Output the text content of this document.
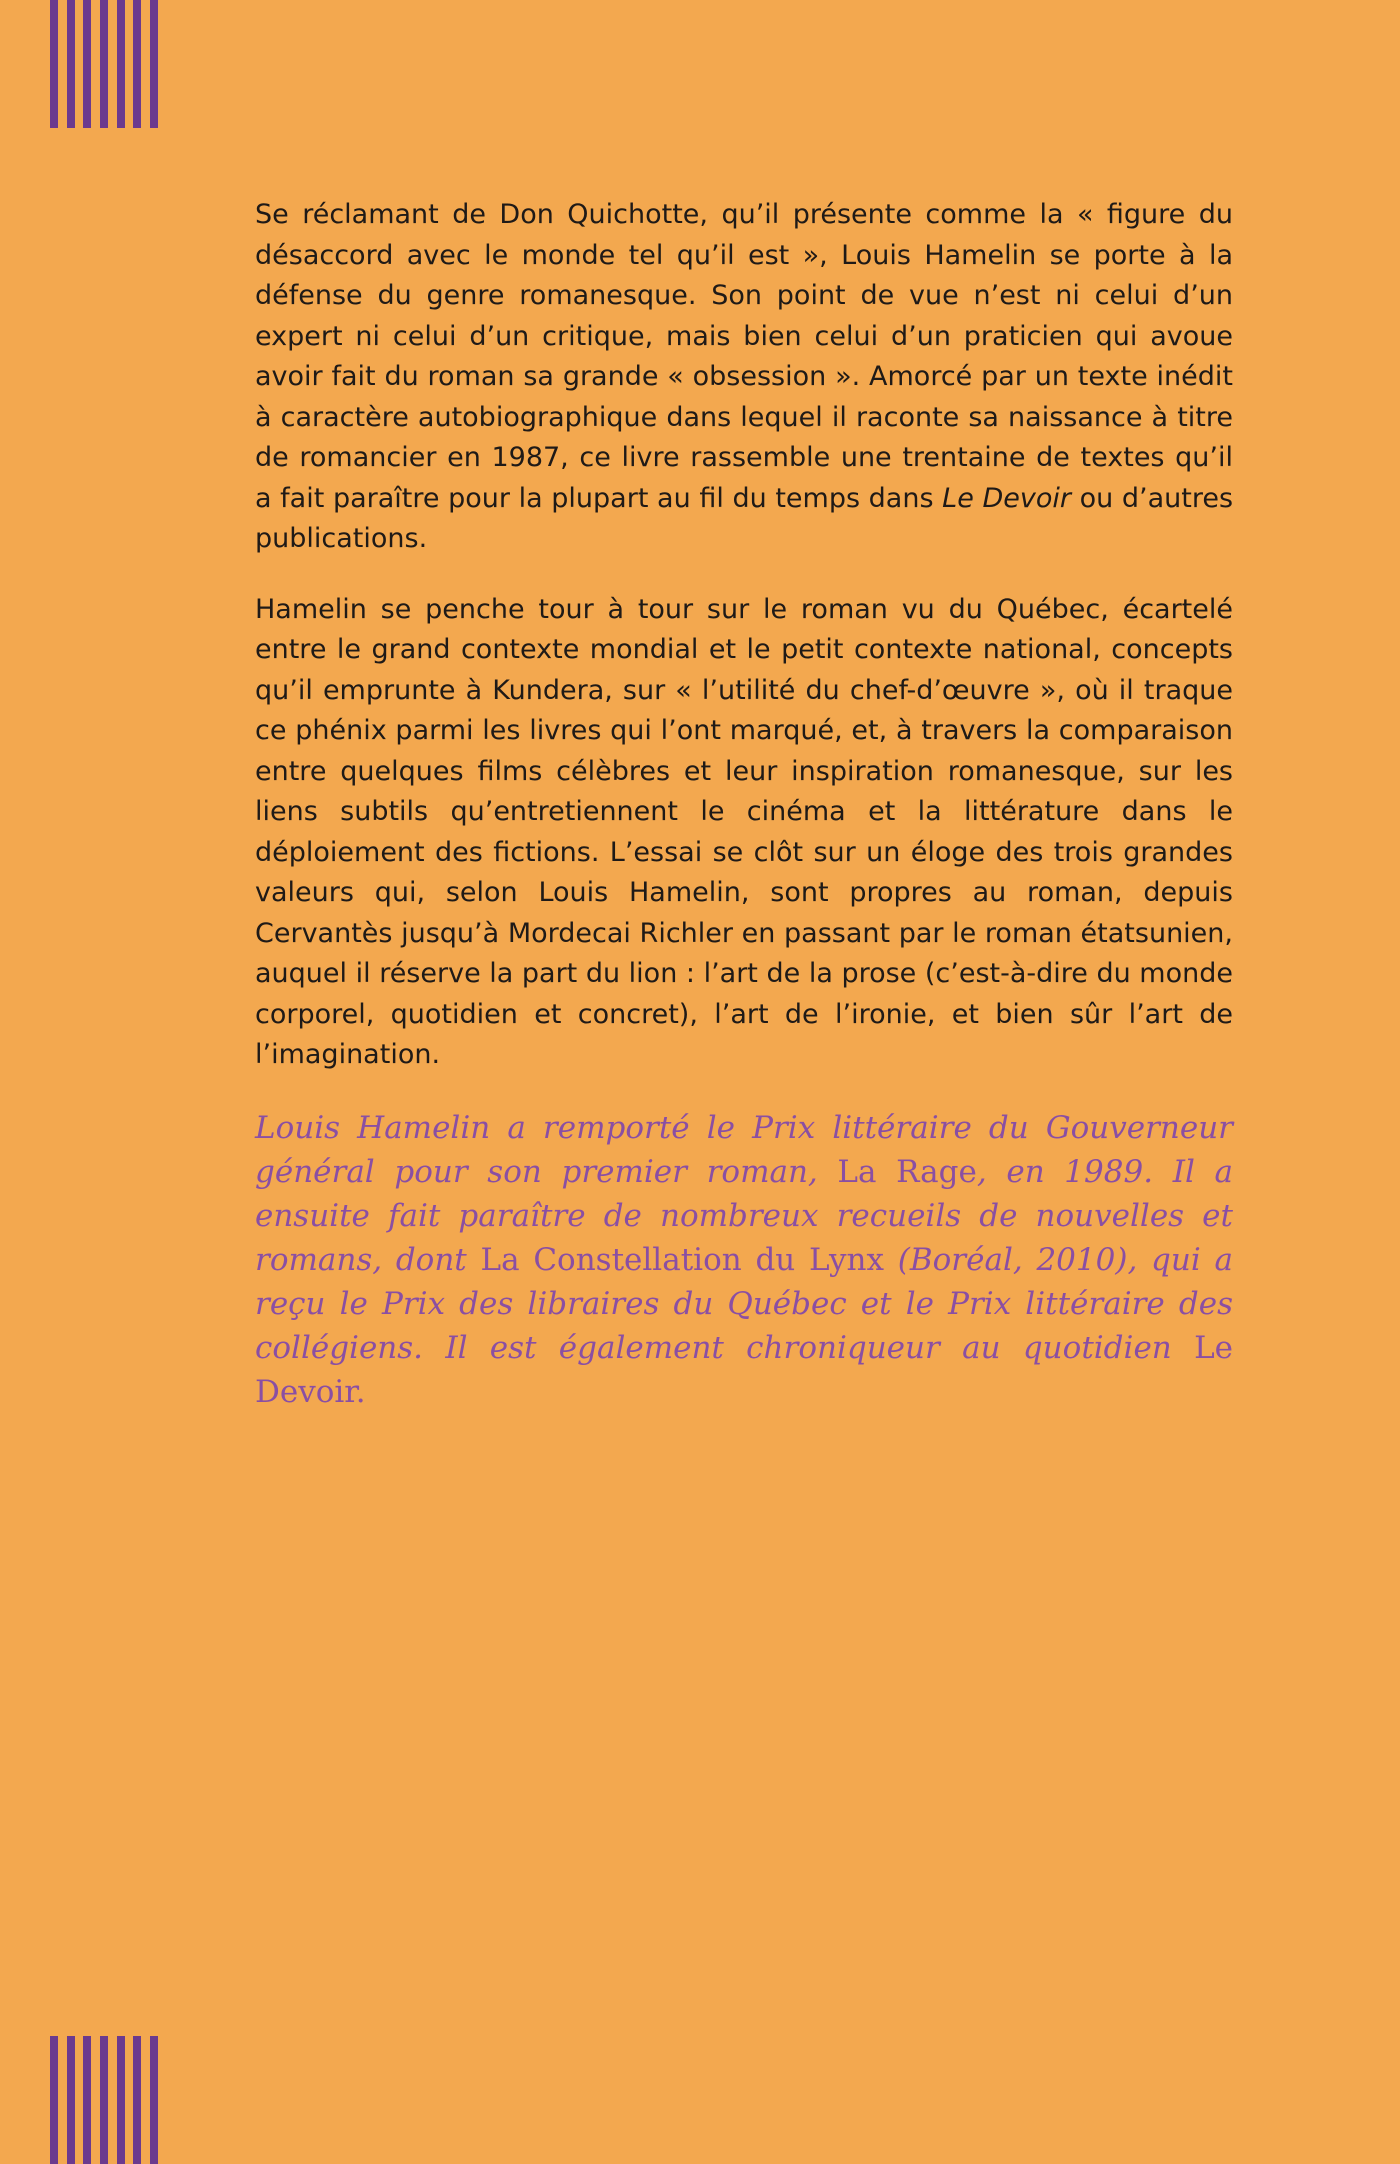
Se réclamant de Don Quichotte, qu’il présente comme la « figure du désaccord avec le monde tel qu’il est », Louis Hamelin se porte à la défense du genre romanesque. Son point de vue n’est ni celui d’un expert ni celui d’un critique, mais bien celui d’un praticien qui avoue avoir fait du roman sa grande « obsession ». Amorcé par un texte inédit à caractère autobiographique dans lequel il raconte sa naissance à titre de romancier en 1987, ce livre rassemble une trentaine de textes qu’il a fait paraître pour la plupart au fil du temps dans Le Devoir ou d’autres publications.

Hamelin se penche tour à tour sur le roman vu du Québec, écartelé entre le grand contexte mondial et le petit contexte national, concepts qu’il emprunte à Kundera, sur « l’utilité du chef-d’œuvre », où il traque ce phénix parmi les livres qui l’ont marqué, et, à travers la comparaison entre quelques films célèbres et leur inspiration romanesque, sur les liens subtils qu’entretiennent le cinéma et la littérature dans le déploiement des fictions. L’essai se clôt sur un éloge des trois grandes valeurs qui, selon Louis Hamelin, sont propres au roman, depuis Cervantès jusqu’à Mordecai Richler en passant par le roman étatsunien, auquel il réserve la part du lion : l’art de la prose (c’est-à-dire du monde corporel, quotidien et concret), l’art de l’ironie, et bien sûr l’art de l’imagination.

Louis Hamelin a remporté le Prix littéraire du Gouverneur général pour son premier roman, La Rage, en 1989. Il a ensuite fait paraître de nombreux recueils de nouvelles et romans, dont La Constellation du Lynx (Boréal, 2010), qui a reçu le Prix des libraires du Québec et le Prix littéraire des collégiens. Il est également chroniqueur au quotidien Le Devoir.
